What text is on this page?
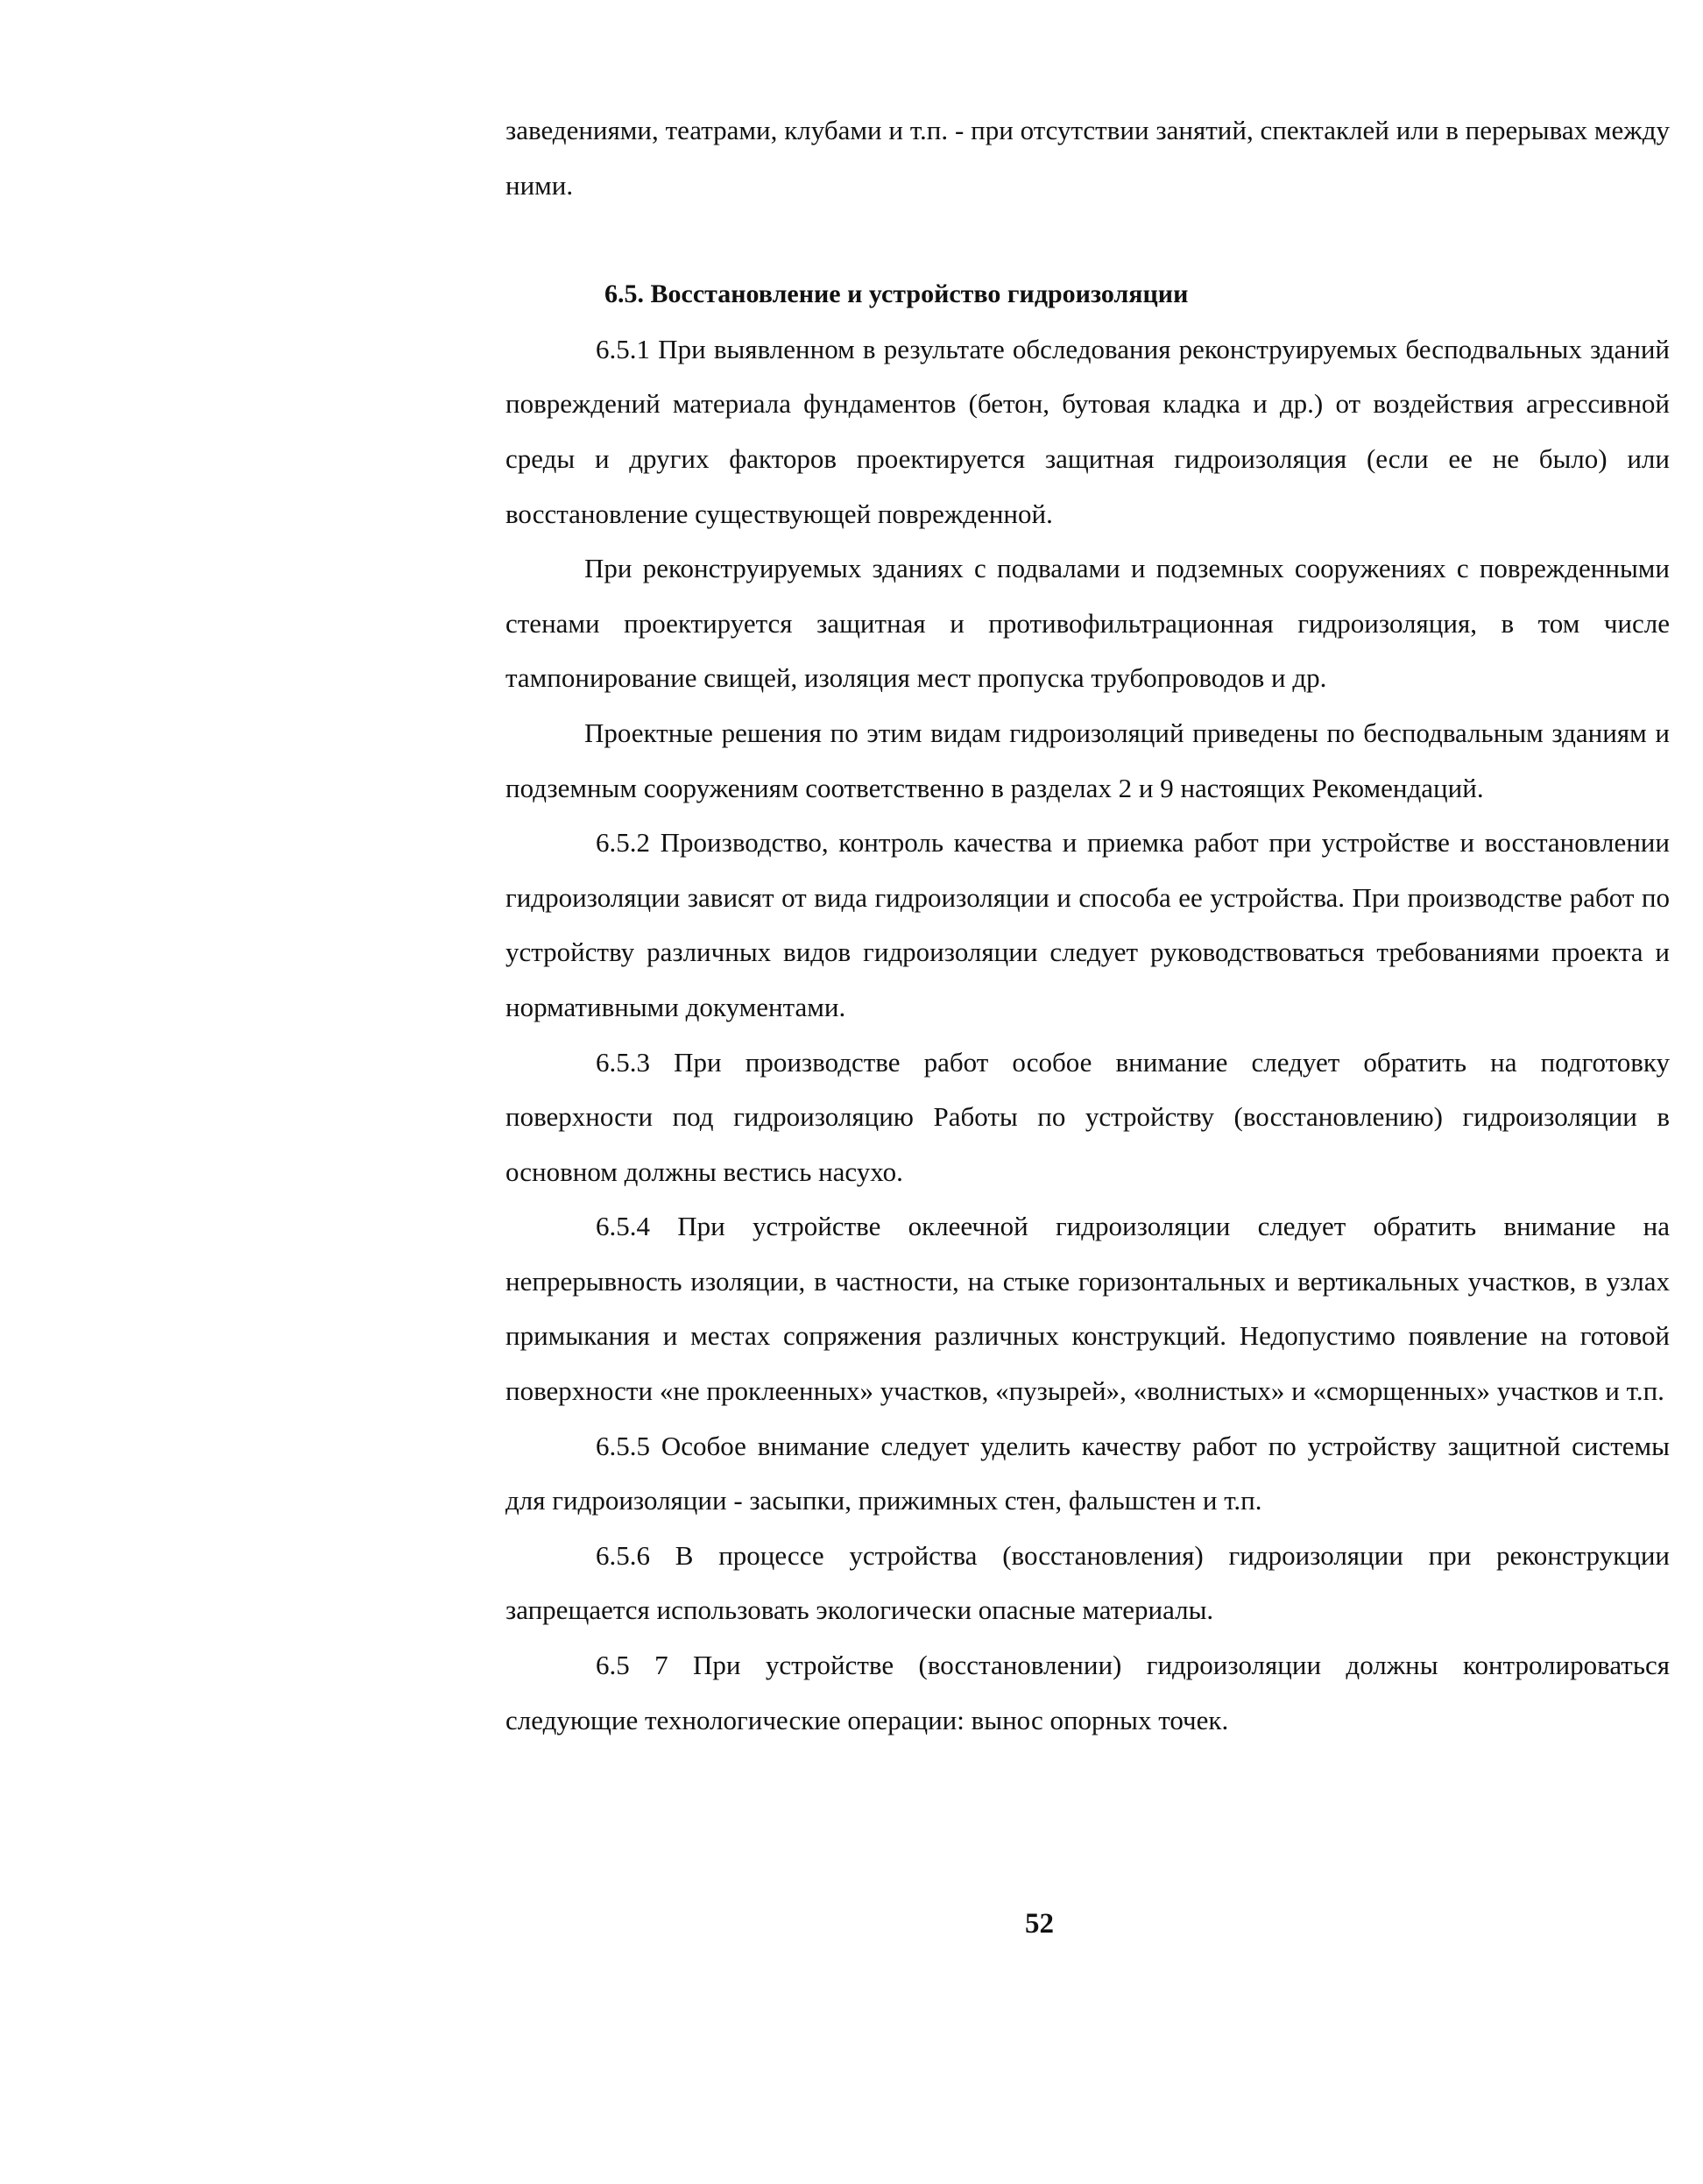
заведениями, театрами, клубами и т.п. - при отсутствии занятий, спектаклей или в перерывах между ними.

6.5. Восстановление и устройство гидроизоляции

6.5.1 При выявленном в результате обследования реконструируемых бесподвальных зданий повреждений материала фундаментов (бетон, бутовая кладка и др.) от воздействия агрессивной среды и других факторов проектируется защитная гидроизоляция (если ее не было) или восстановление существующей поврежденной.

При реконструируемых зданиях с подвалами и подземных сооружениях с поврежденными стенами проектируется защитная и противофильтрационная гидроизоляция, в том числе тампонирование свищей, изоляция мест пропуска трубопроводов и др.

Проектные решения по этим видам гидроизоляций приведены по бесподвальным зданиям и подземным сооружениям соответственно в разделах 2 и 9 настоящих Рекомендаций.

6.5.2 Производство, контроль качества и приемка работ при устройстве и восстановлении гидроизоляции зависят от вида гидроизоляции и способа ее устройства. При производстве работ по устройству различных видов гидроизоляции следует руководствоваться требованиями проекта и нормативными документами.

6.5.3 При производстве работ особое внимание следует обратить на подготовку поверхности под гидроизоляцию Работы по устройству (восстановлению) гидроизоляции в основном должны вестись насухо.

6.5.4 При устройстве оклеечной гидроизоляции следует обратить внимание на непрерывность изоляции, в частности, на стыке горизонтальных и вертикальных участков, в узлах примыкания и местах сопряжения различных конструкций. Недопустимо появление на готовой поверхности «не проклеенных» участков, «пузырей», «волнистых» и «сморщенных» участков и т.п.

6.5.5 Особое внимание следует уделить качеству работ по устройству защитной системы для гидроизоляции - засыпки, прижимных стен, фальшстен и т.п.

6.5.6 В процессе устройства (восстановления) гидроизоляции при реконструкции запрещается использовать экологически опасные материалы.

6.5 7 При устройстве (восстановлении) гидроизоляции должны контролироваться следующие технологические операции: вынос опорных точек.

52
